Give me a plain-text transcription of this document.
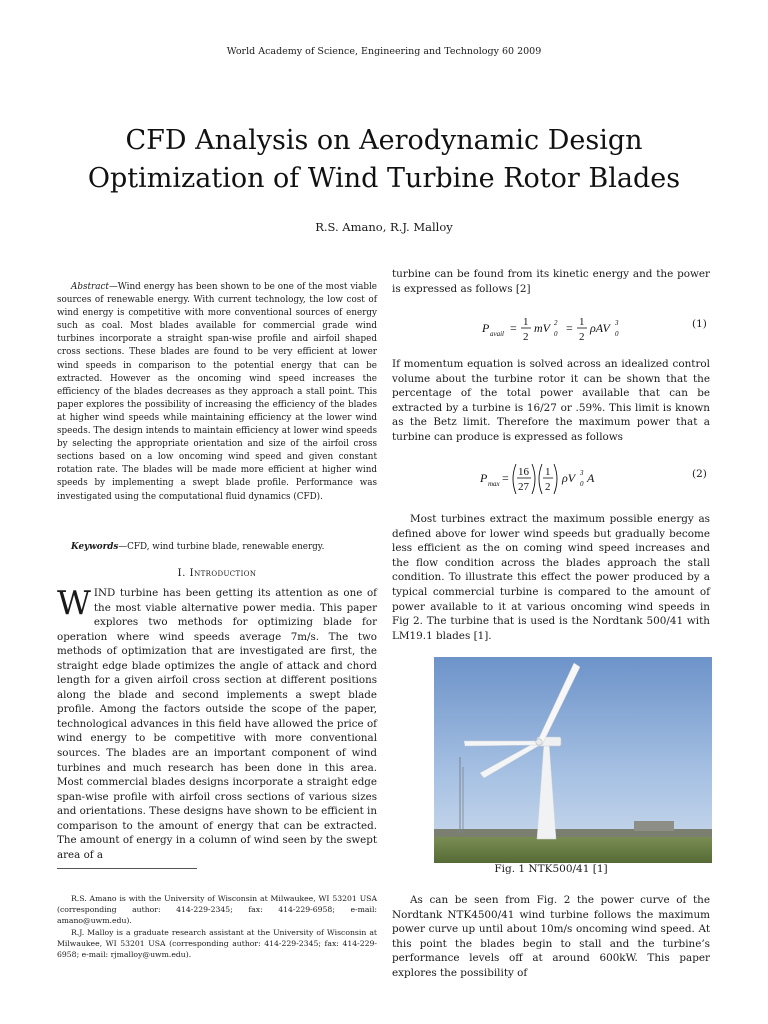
World Academy of Science, Engineering and Technology 60 2009
CFD Analysis on Aerodynamic Design
Optimization of Wind Turbine Rotor Blades
R.S. Amano, R.J. Malloy
Abstract—Wind energy has been shown to be one of the most viable sources of renewable energy. With current technology, the low cost of wind energy is competitive with more conventional sources of energy such as coal. Most blades available for commercial grade wind turbines incorporate a straight span-wise profile and airfoil shaped cross sections. These blades are found to be very efficient at lower wind speeds in comparison to the potential energy that can be extracted. However as the oncoming wind speed increases the efficiency of the blades decreases as they approach a stall point. This paper explores the possibility of increasing the efficiency of the blades at higher wind speeds while maintaining efficiency at the lower wind speeds. The design intends to maintain efficiency at lower wind speeds by selecting the appropriate orientation and size of the airfoil cross sections based on a low oncoming wind speed and given constant rotation rate. The blades will be made more efficient at higher wind speeds by implementing a swept blade profile. Performance was investigated using the computational fluid dynamics (CFD).
Keywords—CFD, wind turbine blade, renewable energy.
I. Introduction
WIND turbine has been getting its attention as one of the most viable alternative power media. This paper explores two methods for optimizing blade for operation where wind speeds average 7m/s. The two methods of optimization that are investigated are first, the straight edge blade optimizes the angle of attack and chord length for a given airfoil cross section at different positions along the blade and second implements a swept blade profile. Among the factors outside the scope of the paper, technological advances in this field have allowed the price of wind energy to be competitive with more conventional sources. The blades are an important component of wind turbines and much research has been done in this area. Most commercial blades designs incorporate a straight edge span-wise profile with airfoil cross sections of various sizes and orientations. These designs have shown to be efficient in comparison to the amount of energy that can be extracted. The amount of energy in a column of wind seen by the swept area of a

R.S. Amano is with the University of Wisconsin at Milwaukee, WI 53201 USA (corresponding author: 414-229-2345; fax: 414-229-6958; e-mail: amano@uwm.edu).

R.J. Malloy is a graduate research assistant at the University of Wisconsin at Milwaukee, WI 53201 USA (corresponding author: 414-229-2345; fax: 414-229-6958; e-mail: rjmalloy@uwm.edu).

turbine can be found from its kinetic energy and the power is expressed as follows [2]
P avail = 1
2
mV 0
2 = 1
2
ρAV 0
3	(1)
If momentum equation is solved across an idealized control volume about the turbine rotor it can be shown that the percentage of the total power available that can be extracted by a turbine is 16/27 or .59%. This limit is known as the Betz limit. Therefore the maximum power that a turbine can produce is expressed as follows
P max = 16
27
1
2
ρV 0
3 A	(2)
Most turbines extract the maximum possible energy as defined above for lower wind speeds but gradually become less efficient as the on coming wind speed increases and the flow condition across the blades approach the stall condition. To illustrate this effect the power produced by a typical commercial turbine is compared to the amount of power available to it at various oncoming wind speeds in Fig 2. The turbine that is used is the Nordtank 500/41 with LM19.1 blades [1].
Fig. 1 NTK500/41 [1]
As can be seen from Fig. 2 the power curve of the Nordtank NTK4500/41 wind turbine follows the maximum power curve up until about 10m/s oncoming wind speed. At this point the blades begin to stall and the turbine’s performance levels off at around 600kW. This paper explores the possibility of
